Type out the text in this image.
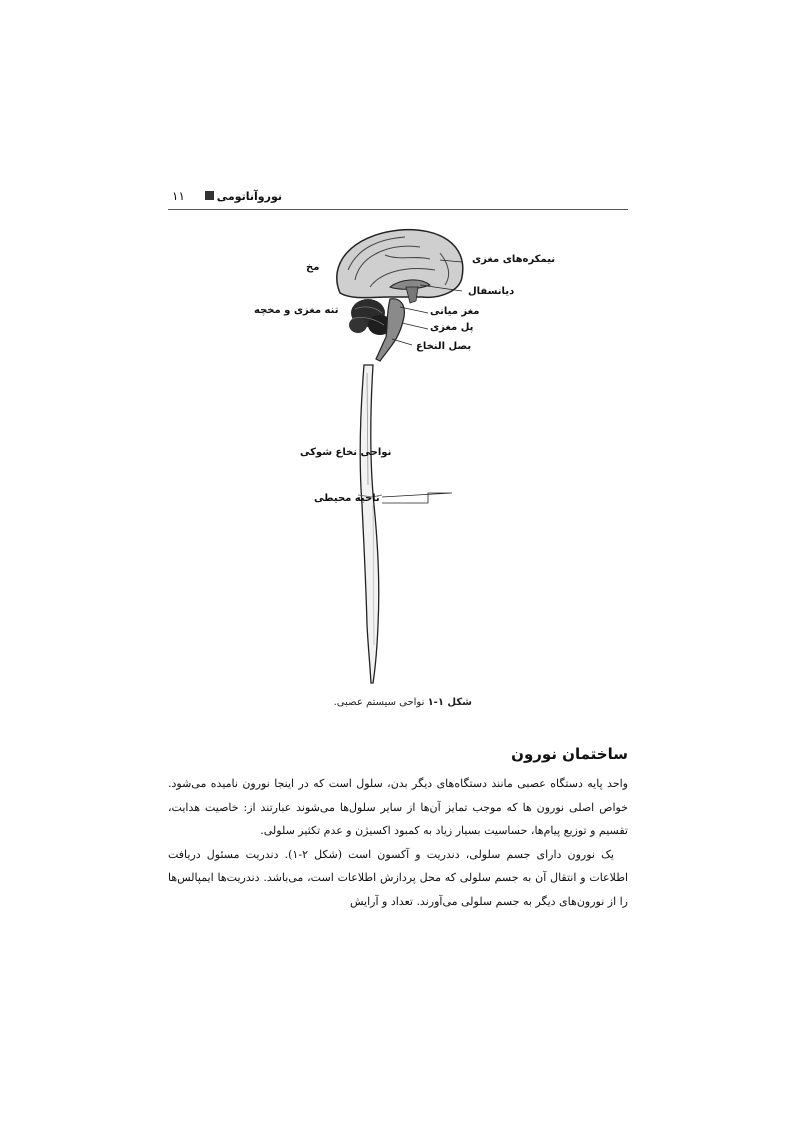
نوروآناتومی
۱۱
مخ
نیمکره‌های مغزی
دیانسفال
تنه مغزی و مخچه	مغز میانی
پل مغزی
بصل النخاع
نواحی نخاع شوکی
ناحیه محیطی
شکل ۱-۱ نواحی سیستم عصبی.
ساختمان نورون

واحد پایه دستگاه عصبی مانند دستگاه‌های دیگر بدن، سلول است که در اینجا نورون نامیده می‌شود. خواص اصلی نورون ها که موجب تمایز آن‌ها از سایر سلول‌ها می‌شوند عبارتند از: خاصیت هدایت، تقسیم و توزیع پیام‌ها، حساسیت بسیار زیاد به کمبود اکسیژن و عدم تکثیر سلولی.

یک نورون دارای جسم سلولی، دندریت و آکسون است (شکل ۲-۱). دندریت مسئول دریافت اطلاعات و انتقال آن به جسم سلولی که محل پردازش اطلاعات است، می‌باشد. دندریت‌ها ایمپالس‌ها را از نورون‌های دیگر به جسم سلولی می‌آورند. تعداد و آرایش
